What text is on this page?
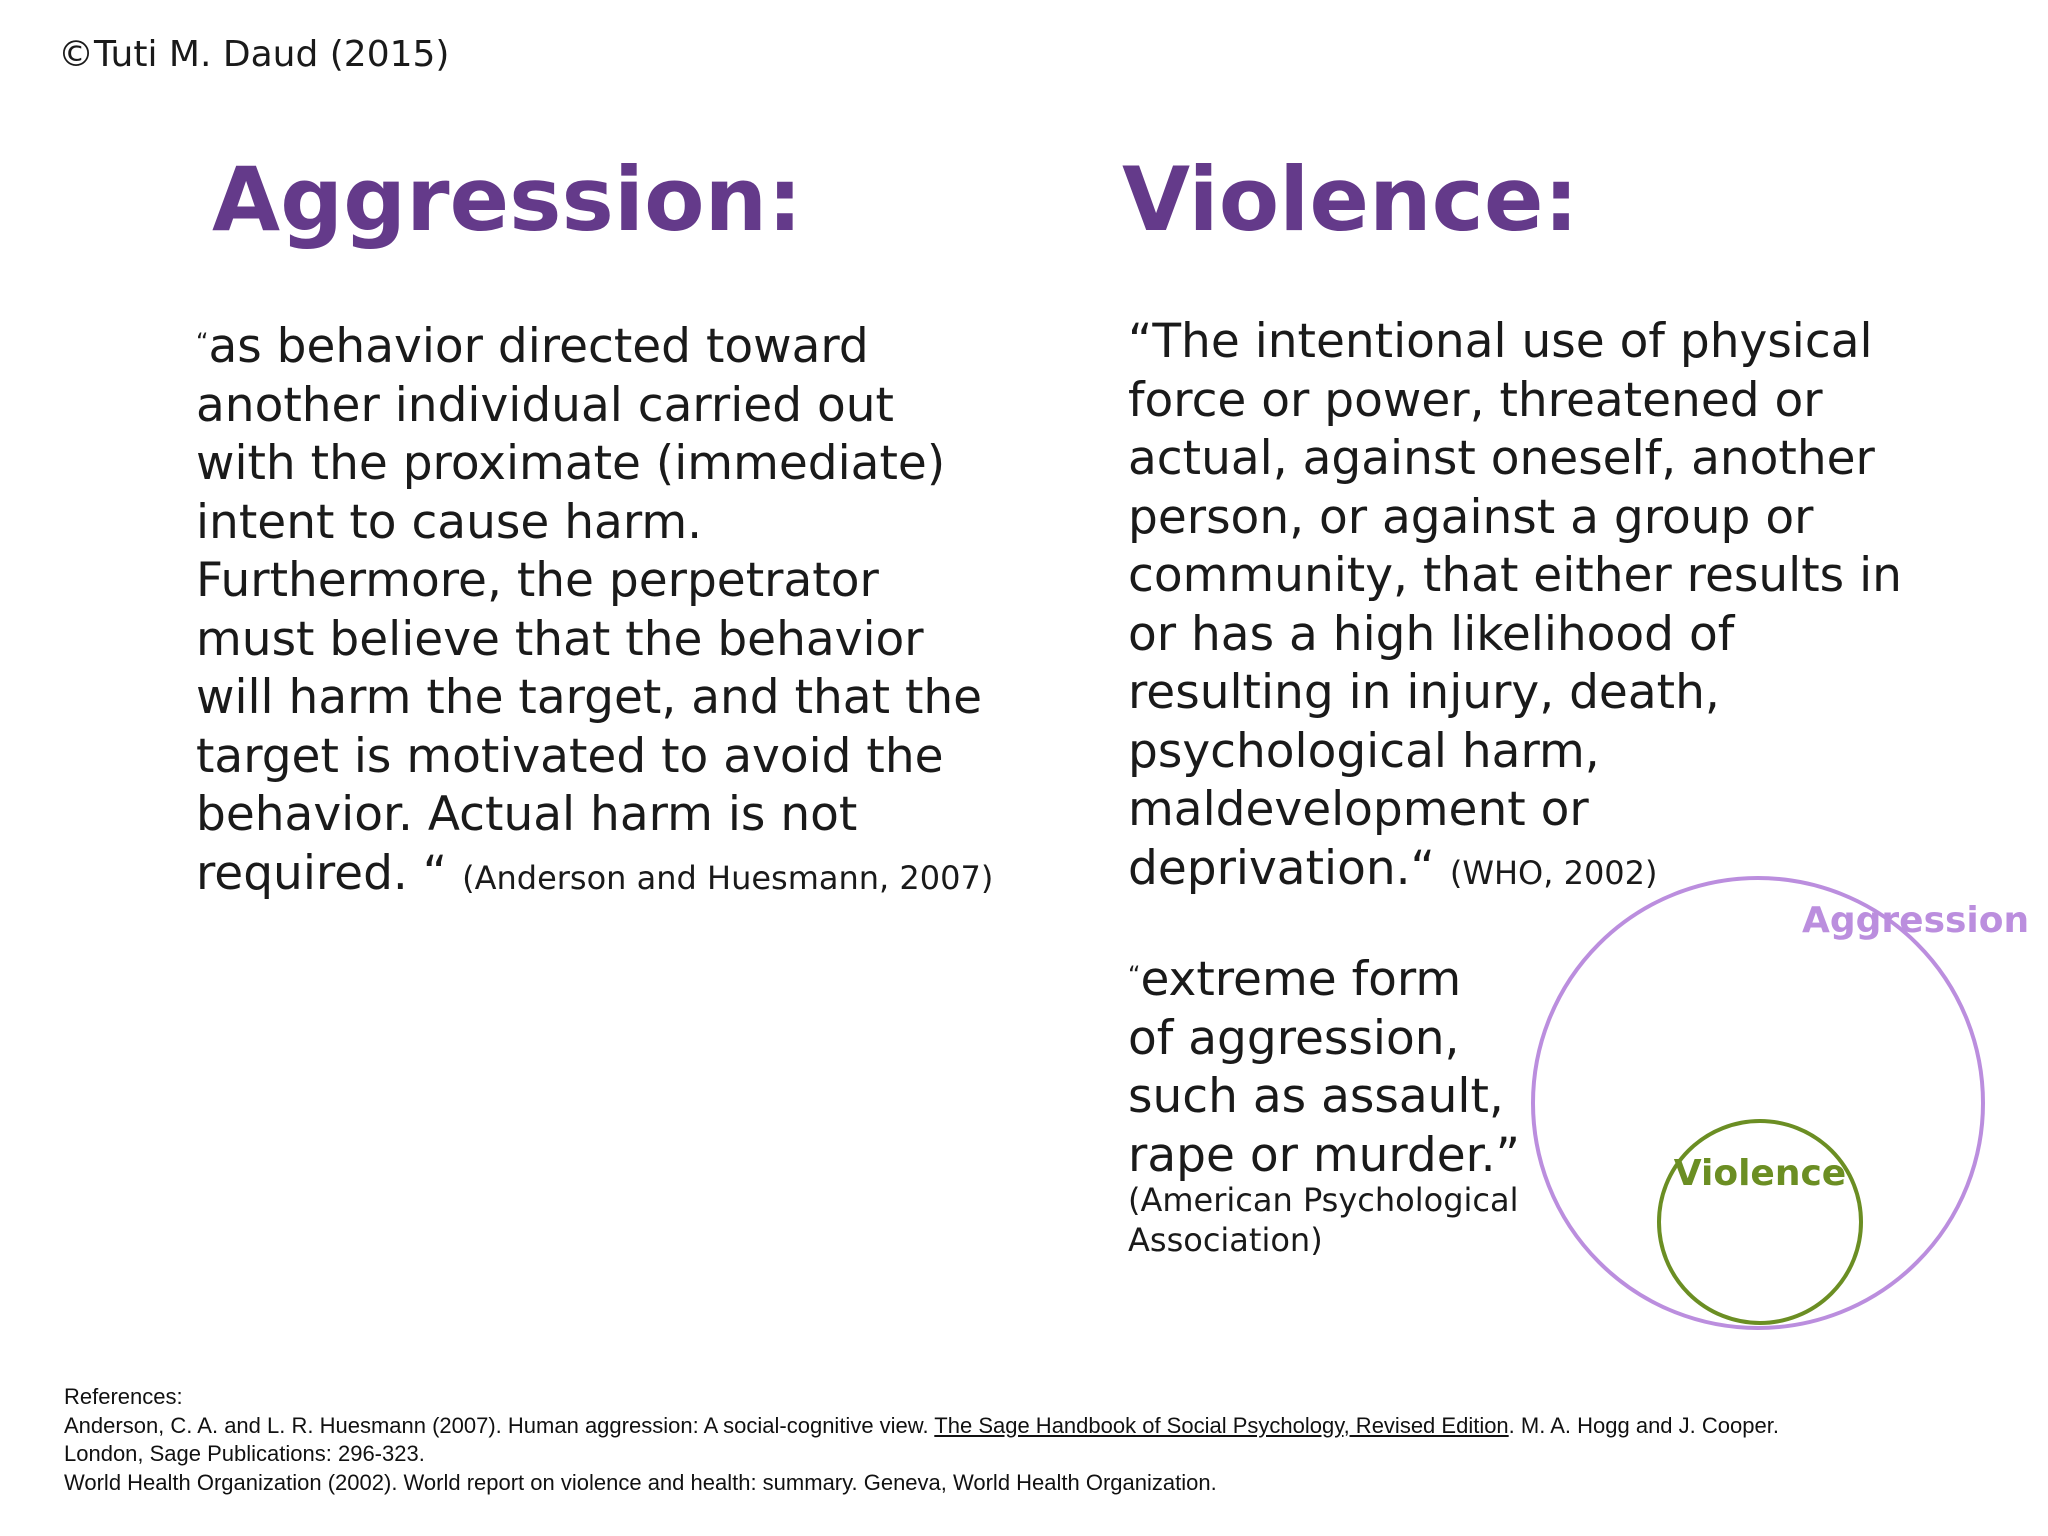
©Tuti M. Daud (2015)
Aggression:	Violence:
“as behavior directed toward
another individual carried out
with the proximate (immediate)
intent to cause harm.
Furthermore, the perpetrator
must believe that the behavior
will harm the target, and that the
target is motivated to avoid the
behavior. Actual harm is not
required. “ (Anderson and Huesmann, 2007)
“The intentional use of physical
force or power, threatened or
actual, against oneself, another
person, or against a group or
community, that either results in
or has a high likelihood of
resulting in injury, death,
psychological harm,
maldevelopment or
deprivation.“ (WHO, 2002)
“extreme form
of aggression,
such as assault,
rape or murder.”
(American Psychological
Association)
Aggression
Violence
References:
Anderson, C. A. and L. R. Huesmann (2007). Human aggression: A social-cognitive view. The Sage Handbook of Social Psychology, Revised Edition. M. A. Hogg and J. Cooper.
London, Sage Publications: 296-323.
World Health Organization (2002). World report on violence and health: summary. Geneva, World Health Organization.
